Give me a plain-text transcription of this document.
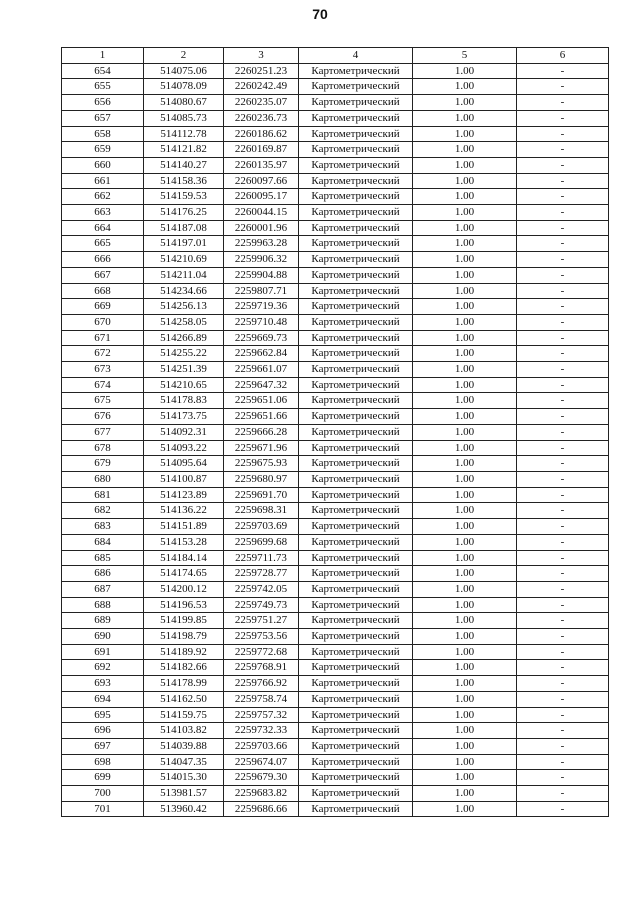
70
1	2	3	4	5	6
654	514075.06	2260251.23	Картометрический	1.00	-
655	514078.09	2260242.49	Картометрический	1.00	-
656	514080.67	2260235.07	Картометрический	1.00	-
657	514085.73	2260236.73	Картометрический	1.00	-
658	514112.78	2260186.62	Картометрический	1.00	-
659	514121.82	2260169.87	Картометрический	1.00	-
660	514140.27	2260135.97	Картометрический	1.00	-
661	514158.36	2260097.66	Картометрический	1.00	-
662	514159.53	2260095.17	Картометрический	1.00	-
663	514176.25	2260044.15	Картометрический	1.00	-
664	514187.08	2260001.96	Картометрический	1.00	-
665	514197.01	2259963.28	Картометрический	1.00	-
666	514210.69	2259906.32	Картометрический	1.00	-
667	514211.04	2259904.88	Картометрический	1.00	-
668	514234.66	2259807.71	Картометрический	1.00	-
669	514256.13	2259719.36	Картометрический	1.00	-
670	514258.05	2259710.48	Картометрический	1.00	-
671	514266.89	2259669.73	Картометрический	1.00	-
672	514255.22	2259662.84	Картометрический	1.00	-
673	514251.39	2259661.07	Картометрический	1.00	-
674	514210.65	2259647.32	Картометрический	1.00	-
675	514178.83	2259651.06	Картометрический	1.00	-
676	514173.75	2259651.66	Картометрический	1.00	-
677	514092.31	2259666.28	Картометрический	1.00	-
678	514093.22	2259671.96	Картометрический	1.00	-
679	514095.64	2259675.93	Картометрический	1.00	-
680	514100.87	2259680.97	Картометрический	1.00	-
681	514123.89	2259691.70	Картометрический	1.00	-
682	514136.22	2259698.31	Картометрический	1.00	-
683	514151.89	2259703.69	Картометрический	1.00	-
684	514153.28	2259699.68	Картометрический	1.00	-
685	514184.14	2259711.73	Картометрический	1.00	-
686	514174.65	2259728.77	Картометрический	1.00	-
687	514200.12	2259742.05	Картометрический	1.00	-
688	514196.53	2259749.73	Картометрический	1.00	-
689	514199.85	2259751.27	Картометрический	1.00	-
690	514198.79	2259753.56	Картометрический	1.00	-
691	514189.92	2259772.68	Картометрический	1.00	-
692	514182.66	2259768.91	Картометрический	1.00	-
693	514178.99	2259766.92	Картометрический	1.00	-
694	514162.50	2259758.74	Картометрический	1.00	-
695	514159.75	2259757.32	Картометрический	1.00	-
696	514103.82	2259732.33	Картометрический	1.00	-
697	514039.88	2259703.66	Картометрический	1.00	-
698	514047.35	2259674.07	Картометрический	1.00	-
699	514015.30	2259679.30	Картометрический	1.00	-
700	513981.57	2259683.82	Картометрический	1.00	-
701	513960.42	2259686.66	Картометрический	1.00	-
